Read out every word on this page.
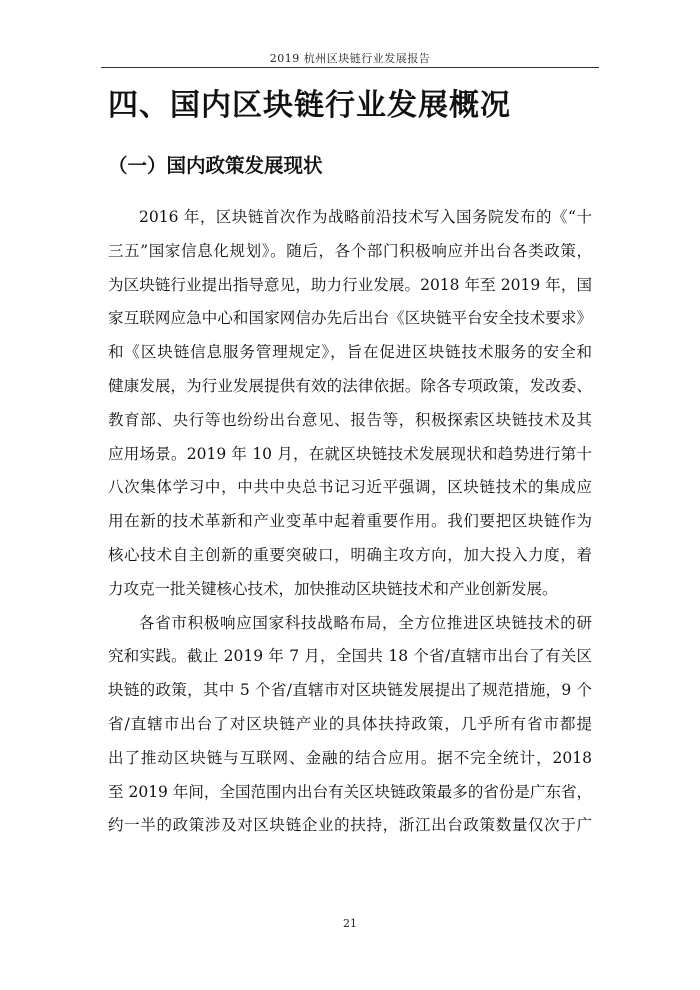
2019 杭州区块链行业发展报告
四、国内区块链行业发展概况
（一）国内政策发展现状
2016 年，区块链首次作为战略前沿技术写入国务院发布的《“十
三五”国家信息化规划》。随后，各个部门积极响应并出台各类政策，
为区块链行业提出指导意见，助力行业发展。2018 年至 2019 年，国
家互联网应急中心和国家网信办先后出台《区块链平台安全技术要求》
和《区块链信息服务管理规定》，旨在促进区块链技术服务的安全和
健康发展，为行业发展提供有效的法律依据。除各专项政策，发改委、
教育部、央行等也纷纷出台意见、报告等，积极探索区块链技术及其
应用场景。2019 年 10 月，在就区块链技术发展现状和趋势进行第十
八次集体学习中，中共中央总书记习近平强调，区块链技术的集成应
用在新的技术革新和产业变革中起着重要作用。我们要把区块链作为
核心技术自主创新的重要突破口，明确主攻方向，加大投入力度，着
力攻克一批关键核心技术，加快推动区块链技术和产业创新发展。
各省市积极响应国家科技战略布局，全方位推进区块链技术的研
究和实践。截止 2019 年 7 月，全国共 18 个省/直辖市出台了有关区
块链的政策，其中 5 个省/直辖市对区块链发展提出了规范措施，9 个
省/直辖市出台了对区块链产业的具体扶持政策，几乎所有省市都提
出了推动区块链与互联网、金融的结合应用。据不完全统计，2018
至 2019 年间，全国范围内出台有关区块链政策最多的省份是广东省，
约一半的政策涉及对区块链企业的扶持，浙江出台政策数量仅次于广
21
